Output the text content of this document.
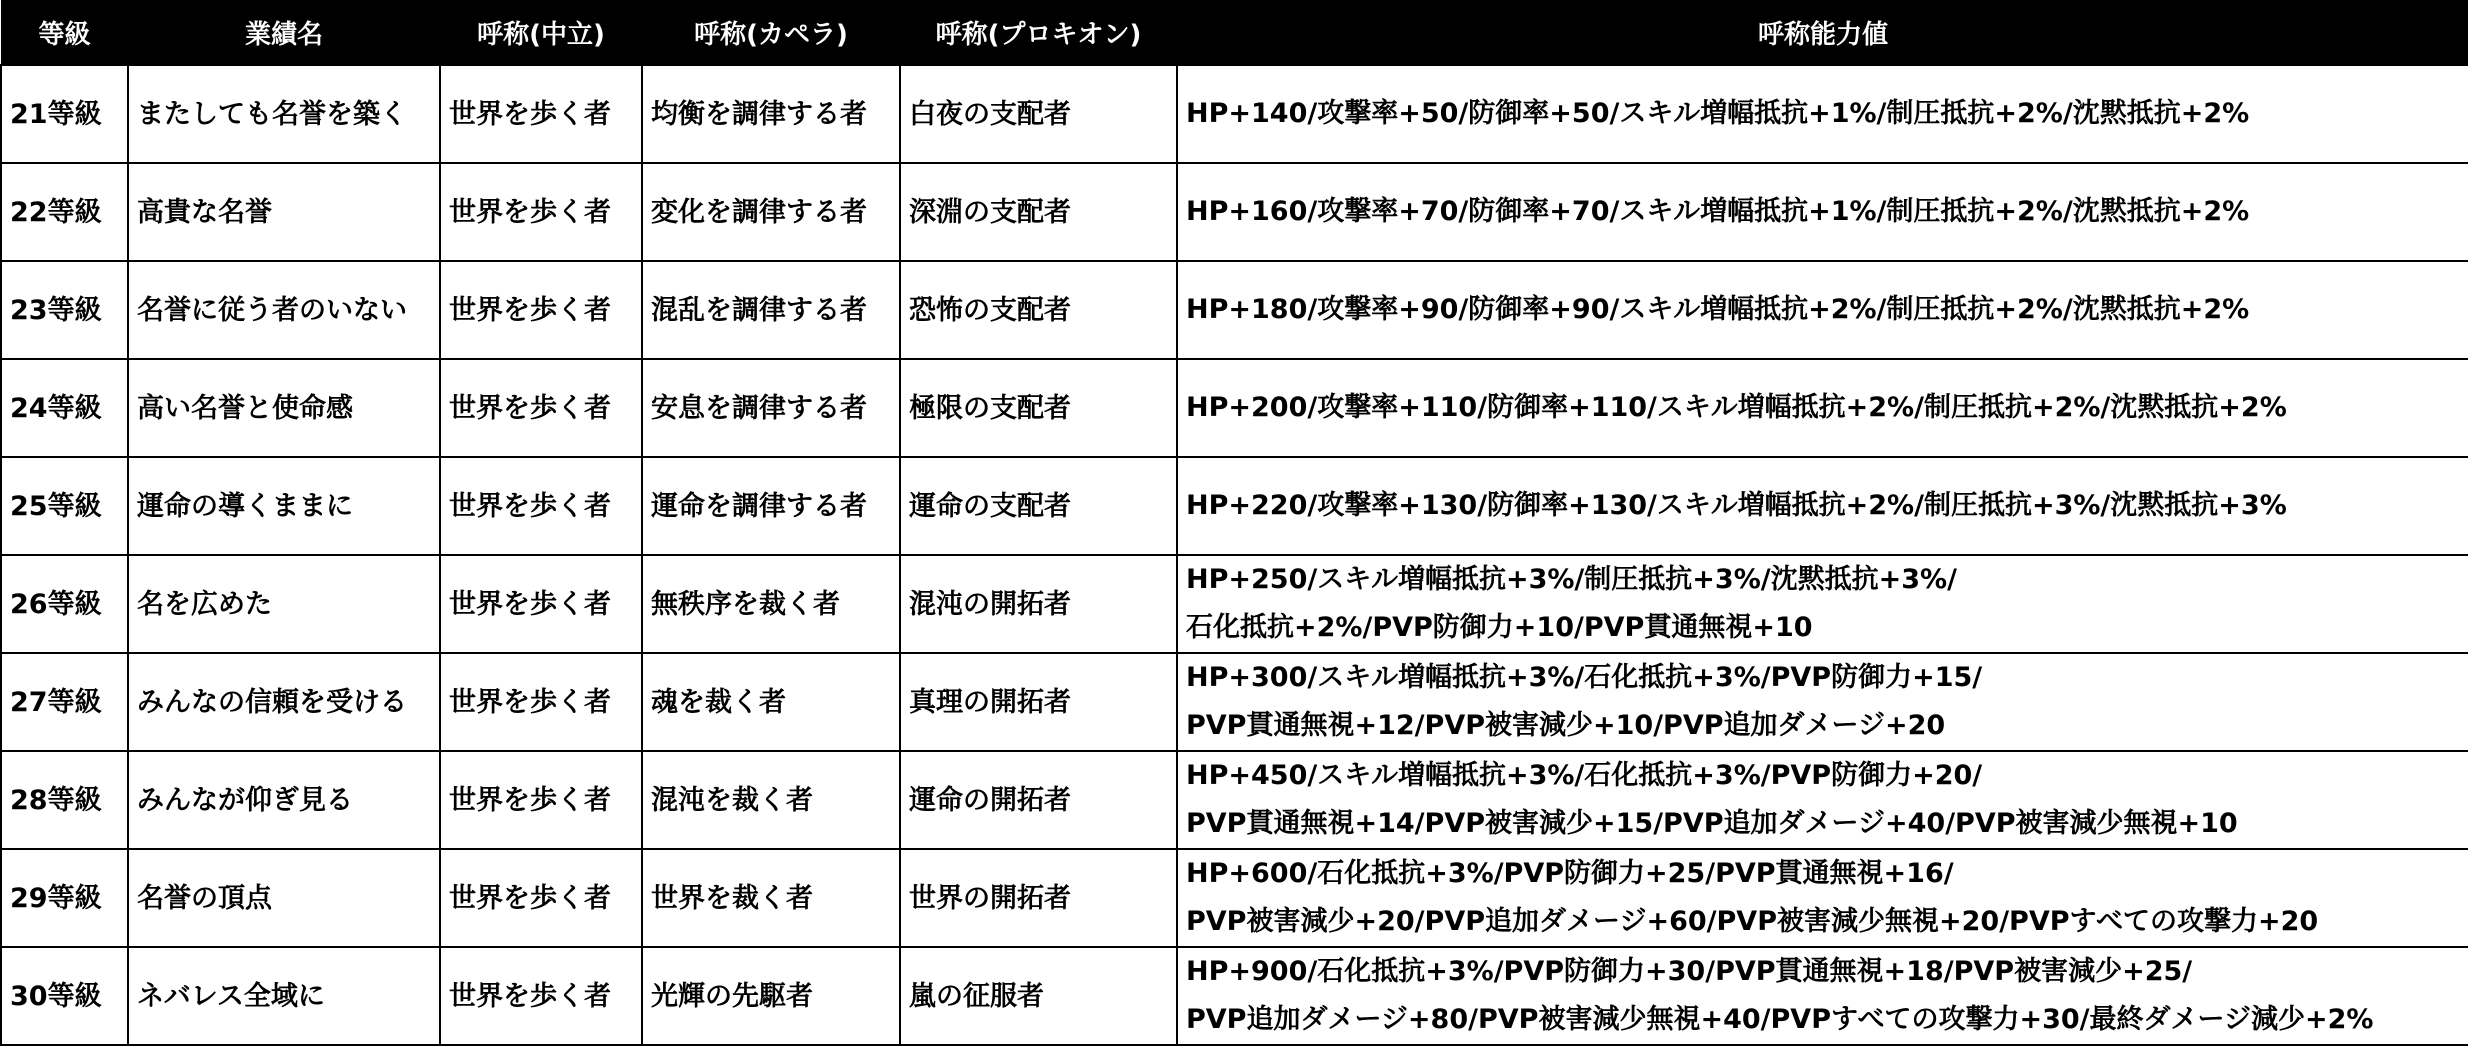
等級	業績名	呼称(中立)	呼称(カペラ)	呼称(プロキオン)	呼称能力値
21等級	またしても名誉を築く	世界を歩く者	均衡を調律する者	白夜の支配者	HP+140/攻撃率+50/防御率+50/スキル増幅抵抗+1%/制圧抵抗+2%/沈黙抵抗+2%

22等級	高貴な名誉	世界を歩く者	変化を調律する者	深淵の支配者	HP+160/攻撃率+70/防御率+70/スキル増幅抵抗+1%/制圧抵抗+2%/沈黙抵抗+2%

23等級	名誉に従う者のいない	世界を歩く者	混乱を調律する者	恐怖の支配者	HP+180/攻撃率+90/防御率+90/スキル増幅抵抗+2%/制圧抵抗+2%/沈黙抵抗+2%

24等級	高い名誉と使命感	世界を歩く者	安息を調律する者	極限の支配者	HP+200/攻撃率+110/防御率+110/スキル増幅抵抗+2%/制圧抵抗+2%/沈黙抵抗+2%

25等級	運命の導くままに	世界を歩く者	運命を調律する者	運命の支配者	HP+220/攻撃率+130/防御率+130/スキル増幅抵抗+2%/制圧抵抗+3%/沈黙抵抗+3%

26等級	名を広めた	世界を歩く者	無秩序を裁く者	混沌の開拓者	HP+250/スキル増幅抵抗+3%/制圧抵抗+3%/沈黙抵抗+3%/
石化抵抗+2%/PVP防御力+10/PVP貫通無視+10

27等級	みんなの信頼を受ける	世界を歩く者	魂を裁く者	真理の開拓者	HP+300/スキル増幅抵抗+3%/石化抵抗+3%/PVP防御力+15/
PVP貫通無視+12/PVP被害減少+10/PVP追加ダメージ+20

28等級	みんなが仰ぎ見る	世界を歩く者	混沌を裁く者	運命の開拓者	HP+450/スキル増幅抵抗+3%/石化抵抗+3%/PVP防御力+20/
PVP貫通無視+14/PVP被害減少+15/PVP追加ダメージ+40/PVP被害減少無視+10

29等級	名誉の頂点	世界を歩く者	世界を裁く者	世界の開拓者	HP+600/石化抵抗+3%/PVP防御力+25/PVP貫通無視+16/
PVP被害減少+20/PVP追加ダメージ+60/PVP被害減少無視+20/PVPすべての攻撃力+20

30等級	ネバレス全域に	世界を歩く者	光輝の先駆者	嵐の征服者	HP+900/石化抵抗+3%/PVP防御力+30/PVP貫通無視+18/PVP被害減少+25/
PVP追加ダメージ+80/PVP被害減少無視+40/PVPすべての攻撃力+30/最終ダメージ減少+2%
